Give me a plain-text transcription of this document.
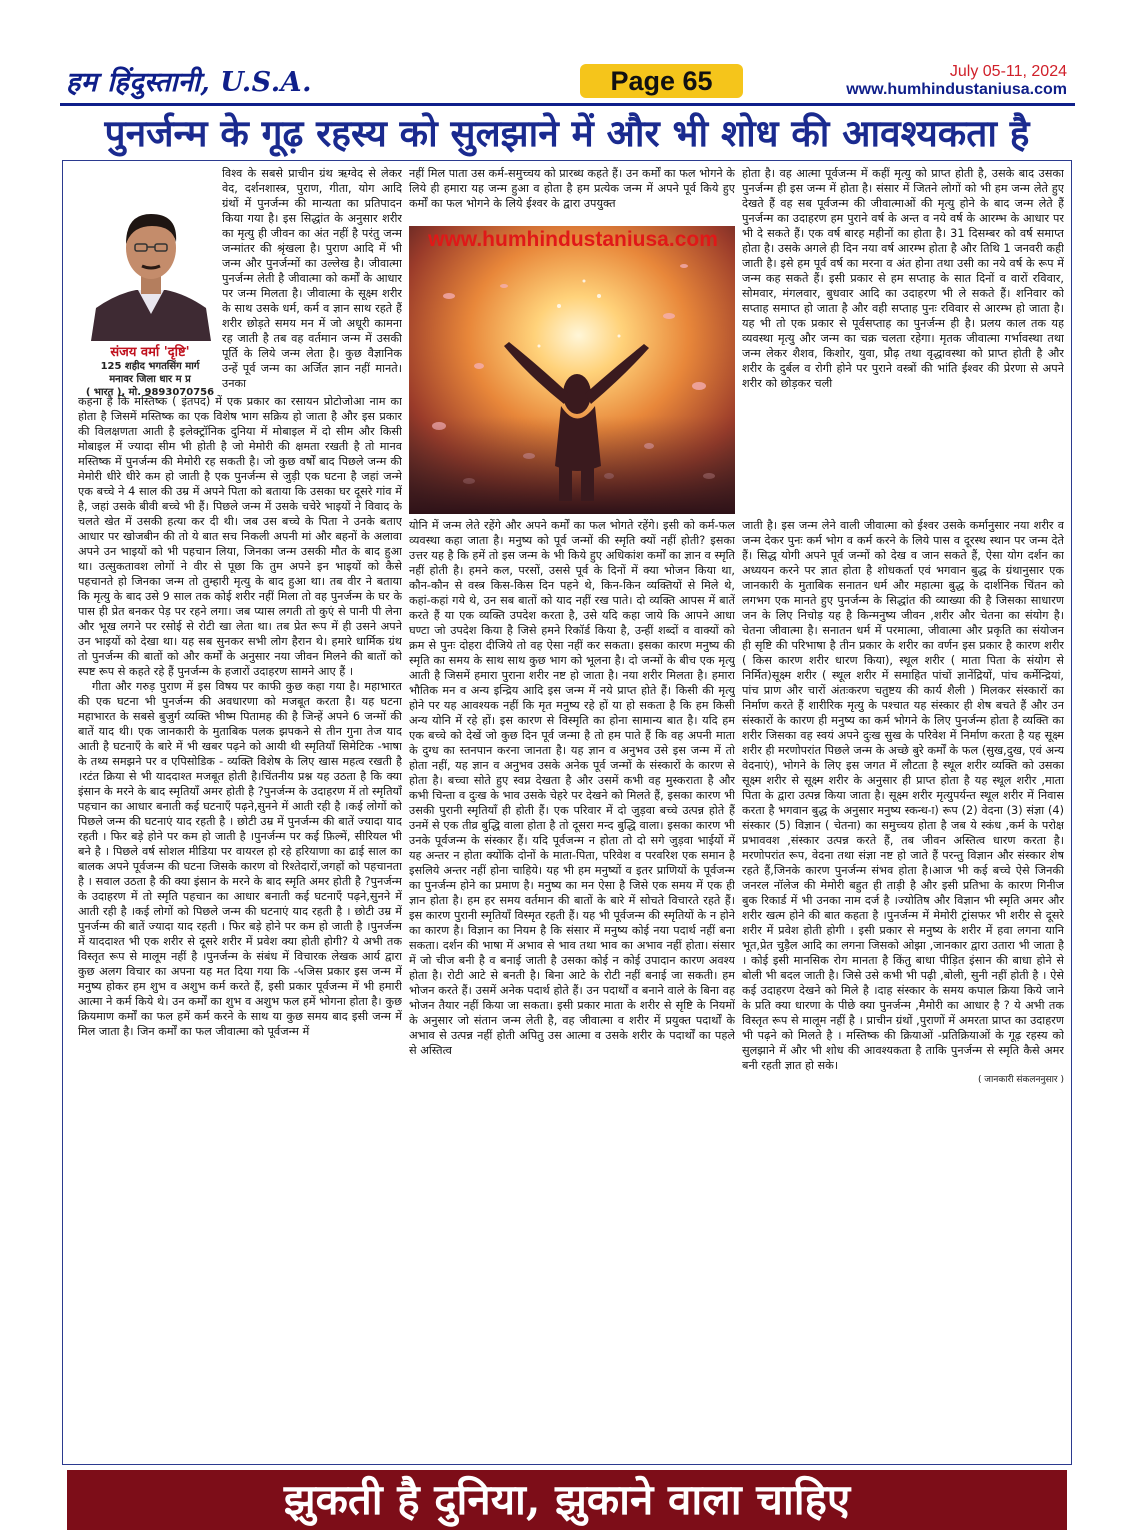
हम हिंदुस्तानी, U.S.A.	Page 65	July 05-11, 2024
www.humhindustaniusa.com
पुनर्जन्म के गूढ़ रहस्य को सुलझाने में और भी शोध की आवश्यकता है
संजय वर्मा 'दृष्टि'
125 शहीद भगतसिंग मार्ग
मनावर जिला धार म प्र
( भारत ), मो. 9893070756

विश्व के सबसे प्राचीन ग्रंथ ऋग्वेद से लेकर वेद, दर्शनशास्त्र, पुराण, गीता, योग आदि ग्रंथों में पुनर्जन्म की मान्यता का प्रतिपादन किया गया है। इस सिद्धांत के अनुसार शरीर का मृत्यु ही जीवन का अंत नहीं है परंतु जन्म जन्मांतर की श्रृंखला है। पुराण आदि में भी जन्म और पुनर्जन्मों का उल्लेख है। जीवात्मा पुनर्जन्म लेती है जीवात्मा को कर्मों के आधार पर जन्म मिलता है। जीवात्मा के सूक्ष्म शरीर के साथ उसके धर्म, कर्म व ज्ञान साथ रहते हैं शरीर छोड़ते समय मन में जो अधूरी कामना रह जाती है तब वह वर्तमान जन्म में उसकी पूर्ति के लिये जन्म लेता है। कुछ वैज्ञानिक उन्हें पूर्व जन्म का अर्जित ज्ञान नहीं मानते। उनका

कहना है कि मस्तिष्क ( इंतपद) में एक प्रकार का रसायन प्रोटोजोआ नाम का होता है जिसमें मस्तिष्क का एक विशेष भाग सक्रिय हो जाता है और इस प्रकार की विलक्षणता आती है इलेक्ट्रॉनिक दुनिया में मोबाइल में दो सीम और किसी मोबाइल में ज्यादा सीम भी होती है जो मेमोरी की क्षमता रखती है तो मानव मस्तिष्क में पुनर्जन्म की मेमोरी रह सकती है। जो कुछ वर्षों बाद पिछले जन्म की मेमोरी धीरे धीरे कम हो जाती है एक पुनर्जन्म से जुड़ी एक घटना है जहां जन्मे एक बच्चे ने 4 साल की उम्र में अपने पिता को बताया कि उसका घर दूसरे गांव में है, जहां उसके बीवी बच्चे भी हैं। पिछले जन्म में उसके चचेरे भाइयों ने विवाद के चलते खेत में उसकी हत्या कर दी थी। जब उस बच्चे के पिता ने उनके बताए आधार पर खोजबीन की तो ये बात सच निकली अपनी मां और बहनों के अलावा अपने उन भाइयों को भी पहचान लिया, जिनका जन्म उसकी मौत के बाद हुआ था। उत्सुकतावश लोगों ने वीर से पूछा कि तुम अपने इन भाइयों को कैसे पहचानते हो जिनका जन्म तो तुम्हारी मृत्यु के बाद हुआ था। तब वीर ने बताया कि मृत्यु के बाद उसे 9 साल तक कोई शरीर नहीं मिला तो वह पुनर्जन्म के घर के पास ही प्रेत बनकर पेड़ पर रहने लगा। जब प्यास लगती तो कुएं से पानी पी लेना और भूख लगने पर रसोई से रोटी खा लेता था। तब प्रेत रूप में ही उसने अपने उन भाइयों को देखा था। यह सब सुनकर सभी लोग हैरान थे। हमारे धार्मिक ग्रंथ तो पुनर्जन्म की बातों को और कर्मों के अनुसार नया जीवन मिलने की बातों को स्पष्ट रूप से कहते रहे हैं पुनर्जन्म के हजारों उदाहरण सामने आए हैं ।

गीता और गरुड़ पुराण में इस विषय पर काफी कुछ कहा गया है। महाभारत की एक घटना भी पुनर्जन्म की अवधारणा को मजबूत करता है। यह घटना महाभारत के सबसे बुजुर्ग व्यक्ति भीष्म पितामह की है जिन्हें अपने 6 जन्मों की बातें याद थी। एक जानकारी के मुताबिक पलक झपकने से तीन गुना तेज याद आती है घटनाएँ के बारे में भी खबर पढ़ने को आयी थी स्मृतियाँ सिमेटिक -भाषा के तथ्य समझने पर व एपिसोडिक - व्यक्ति विशेष के लिए खास महत्व रखती है ।रटंत क्रिया से भी याददाश्त मजबूत होती है।चिंतनीय प्रश्न यह उठता है कि क्या इंसान के मरने के बाद स्मृतियाँ अमर होती है ?पुनर्जन्म के उदाहरण में तो स्मृतियाँ पहचान का आधार बनाती कई घटनाएँ पढ़ने,सुनने में आती रही है ।कई लोगों को पिछले जन्म की घटनाएं याद रहती है । छोटी उम्र में पुनर्जन्म की बातें ज्यादा याद रहती । फिर बड़े होने पर कम हो जाती है ।पुनर्जन्म पर कई फ़िल्में, सीरियल भी बने है । पिछले वर्ष सोशल मीडिया पर वायरल हो रहे हरियाणा का ढाई साल का बालक अपने पूर्वजन्म की घटना जिसके कारण वो रिश्तेदारों,जगहों को पहचानता है । सवाल उठता है की क्या इंसान के मरने के बाद स्मृति अमर होती है ?पुनर्जन्म के उदाहरण में तो स्मृति पहचान का आधार बनाती कई घटनाएँ पढ़ने,सुनने में आती रही है ।कई लोगों को पिछले जन्म की घटनाएं याद रहती है । छोटी उम्र में पुनर्जन्म की बातें ज्यादा याद रहती । फिर बड़े होने पर कम हो जाती है ।पुनर्जन्म में याददाश्त भी एक शरीर से दूसरे शरीर में प्रवेश क्या होती होगी? ये अभी तक विस्तृत रूप से मालूम नहीं है ।पुनर्जन्म के संबंध में विचारक लेखक आर्य द्वारा कुछ अलग विचार का अपना यह मत दिया गया कि -५जिस प्रकार इस जन्म में मनुष्य होकर हम शुभ व अशुभ कर्म करते हैं, इसी प्रकार पूर्वजन्म में भी हमारी आत्मा ने कर्म किये थे। उन कर्मों का शुभ व अशुभ फल हमें भोगना होता है। कुछ क्रियमाण कर्मों का फल हमें कर्म करने के साथ या कुछ समय बाद इसी जन्म में मिल जाता है। जिन कर्मों का फल जीवात्मा को पूर्वजन्म में

नहीं मिल पाता उस कर्म-समुच्चय को प्रारब्ध कहते हैं। उन कर्मों का फल भोगने के लिये ही हमारा यह जन्म हुआ व होता है हम प्रत्येक जन्म में अपने पूर्व किये हुए कर्मों का फल भोगने के लिये ईश्वर के द्वारा उपयुक्त

www.humhindustaniusa.com

योनि में जन्म लेते रहेंगे और अपने कर्मों का फल भोगते रहेंगे। इसी को कर्म-फल व्यवस्था कहा जाता है। मनुष्य को पूर्व जन्मों की स्मृति क्यों नहीं होती? इसका उत्तर यह है कि हमें तो इस जन्म के भी किये हुए अधिकांश कर्मों का ज्ञान व स्मृति नहीं होती है। हमने कल, परसों, उससे पूर्व के दिनों में क्या भोजन किया था, कौन-कौन से वस्त्र किस-किस दिन पहने थे, किन-किन व्यक्तियों से मिले थे, कहां-कहां गये थे, उन सब बातों को याद नहीं रख पाते। दो व्यक्ति आपस में बातें करते हैं या एक व्यक्ति उपदेश करता है, उसे यदि कहा जाये कि आपने आधा घण्टा जो उपदेश किया है जिसे हमने रिकॉर्ड किया है, उन्हीं शब्दों व वाक्यों को क्रम से पुनः दोहरा दीजिये तो वह ऐसा नहीं कर सकता। इसका कारण मनुष्य की स्मृति का समय के साथ साथ कुछ भाग को भूलना है। दो जन्मों के बीच एक मृत्यु आती है जिसमें हमारा पुराना शरीर नष्ट हो जाता है। नया शरीर मिलता है। हमारा भौतिक मन व अन्य इन्द्रिय आदि इस जन्म में नये प्राप्त होते हैं। किसी की मृत्यु होने पर यह आवश्यक नहीं कि मृत मनुष्य रहे हों या हो सकता है कि हम किसी अन्य योनि में रहे हों। इस कारण से विस्मृति का होना सामान्य बात है। यदि हम एक बच्चे को देखें जो कुछ दिन पूर्व जन्मा है तो हम पाते हैं कि वह अपनी माता के दुग्ध का स्तनपान करना जानता है। यह ज्ञान व अनुभव उसे इस जन्म में तो होता नहीं, यह ज्ञान व अनुभव उसके अनेक पूर्व जन्मों के संस्कारों के कारण से होता है। बच्चा सोते हुए स्वप्न देखता है और उसमें कभी वह मुस्कराता है और कभी चिन्ता व दुःख के भाव उसके चेहरे पर देखने को मिलते हैं, इसका कारण भी उसकी पुरानी स्मृतियाँ ही होती हैं। एक परिवार में दो जुड़वा बच्चे उत्पन्न होते हैं उनमें से एक तीव्र बुद्धि वाला होता है तो दूसरा मन्द बुद्धि वाला। इसका कारण भी उनके पूर्वजन्म के संस्कार हैं। यदि पूर्वजन्म न होता तो दो सगे जुड़वा भाईयों में यह अन्तर न होता क्योंकि दोनों के माता-पिता, परिवेश व परवरिश एक समान है इसलिये अन्तर नहीं होना चाहिये। यह भी हम मनुष्यों व इतर प्राणियों के पूर्वजन्म का पुनर्जन्म होने का प्रमाण है। मनुष्य का मन ऐसा है जिसे एक समय में एक ही ज्ञान होता है। हम हर समय वर्तमान की बातों के बारे में सोचते विचारते रहते हैं। इस कारण पुरानी स्मृतियाँ विस्मृत रहती हैं। यह भी पूर्वजन्म की स्मृतियों के न होने का कारण है। विज्ञान का नियम है कि संसार में मनुष्य कोई नया पदार्थ नहीं बना सकता। दर्शन की भाषा में अभाव से भाव तथा भाव का अभाव नहीं होता। संसार में जो चीज बनी है व बनाई जाती है उसका कोई न कोई उपादान कारण अवश्य होता है। रोटी आटे से बनती है। बिना आटे के रोटी नहीं बनाई जा सकती। हम भोजन करते हैं। उसमें अनेक पदार्थ होते हैं। उन पदार्थों व बनाने वाले के बिना वह भोजन तैयार नहीं किया जा सकता। इसी प्रकार माता के शरीर से सृष्टि के नियमों के अनुसार जो संतान जन्म लेती है, वह जीवात्मा व शरीर में प्रयुक्त पदार्थों के अभाव से उत्पन्न नहीं होती अपितु उस आत्मा व उसके शरीर के पदार्थों का पहले से अस्तित्व

होता है। वह आत्मा पूर्वजन्म में कहीं मृत्यु को प्राप्त होती है, उसके बाद उसका पुनर्जन्म ही इस जन्म में होता है। संसार में जितने लोगों को भी हम जन्म लेते हुए देखते हैं वह सब पूर्वजन्म की जीवात्माओं की मृत्यु होने के बाद जन्म लेते हैं पुनर्जन्म का उदाहरण हम पुराने वर्ष के अन्त व नये वर्ष के आरम्भ के आधार पर भी दे सकते हैं। एक वर्ष बारह महीनों का होता है। 31 दिसम्बर को वर्ष समाप्त होता है। उसके अगले ही दिन नया वर्ष आरम्भ होता है और तिथि 1 जनवरी कही जाती है। इसे हम पूर्व वर्ष का मरना व अंत होना तथा उसी का नये वर्ष के रूप में जन्म कह सकते हैं। इसी प्रकार से हम सप्ताह के सात दिनों व वारों रविवार, सोमवार, मंगलवार, बुधवार आदि का उदाहरण भी ले सकते हैं। शनिवार को सप्ताह समाप्त हो जाता है और वही सप्ताह पुनः रविवार से आरम्भ हो जाता है। यह भी तो एक प्रकार से पूर्वसप्ताह का पुनर्जन्म ही है। प्रलय काल तक यह व्यवस्था मृत्यु और जन्म का चक्र चलता रहेगा। मृतक जीवात्मा गर्भावस्था तथा जन्म लेकर शैशव, किशोर, युवा, प्रौढ़ तथा वृद्धावस्था को प्राप्त होती है और शरीर के दुर्बल व रोगी होने पर पुराने वस्त्रों की भांति ईश्वर की प्रेरणा से अपने शरीर को छोड़कर चली

जाती है। इस जन्म लेने वाली जीवात्मा को ईश्वर उसके कर्मानुसार नया शरीर व जन्म देकर पुनः कर्म भोग व कर्म करने के लिये पास व दूरस्थ स्थान पर जन्म देते हैं। सिद्ध योगी अपने पूर्व जन्मों को देख व जान सकते हैं, ऐसा योग दर्शन का अध्ययन करने पर ज्ञात होता है शोधकर्ता एवं भगवान बुद्ध के ग्रंथानुसार एक जानकारी के मुताबिक सनातन धर्म और महात्मा बुद्ध के दार्शनिक चिंतन को लगभग एक मानते हुए पुनर्जन्म के सिद्धांत की व्याख्या की है जिसका साधारण जन के लिए निचोड़ यह है किन्मनुष्य जीवन ,शरीर और चेतना का संयोग है। चेतना जीवात्मा है। सनातन धर्म में परमात्मा, जीवात्मा और प्रकृति का संयोजन ही सृष्टि की परिभाषा है तीन प्रकार के शरीर का वर्णन इस प्रकार है कारण शरीर ( किस कारण शरीर धारण किया), स्थूल शरीर ( माता पिता के संयोग से निर्मित)सूक्ष्म शरीर ( स्थूल शरीर में समाहित पांचों ज्ञानेंद्रियों, पांच कर्मेन्द्रियां, पांच प्राण और चारों अंतःकरण चतुष्टय की कार्य शैली ) मिलकर संस्कारों का निर्माण करते हैं शारीरिक मृत्यु के पश्चात यह संस्कार ही शेष बचते हैं और उन संस्कारों के कारण ही मनुष्य का कर्म भोगने के लिए पुनर्जन्म होता है व्यक्ति का शरीर जिसका वह स्वयं अपने दुःख सुख के परिवेश में निर्माण करता है यह सूक्ष्म शरीर ही मरणोपरांत पिछले जन्म के अच्छे बुरे कर्मों के फल (सुख,दुख, एवं अन्य वेदनाएं), भोगने के लिए इस जगत में लौटता है स्थूल शरीर व्यक्ति को उसका सूक्ष्म शरीर से सूक्ष्म शरीर के अनुसार ही प्राप्त होता है यह स्थूल शरीर ,माता पिता के द्वारा उत्पन्न किया जाता है। सूक्ष्म शरीर मृत्युपर्यन्त स्थूल शरीर में निवास करता है भगवान बुद्ध के अनुसार मनुष्य स्कन्ध-ा) रूप (2) वेदना (3) संज्ञा (4) संस्कार (5) विज्ञान ( चेतना) का समुच्चय होता है जब ये स्कंध ,कर्म के परोक्ष प्रभाववश ,संस्कार उत्पन्न करते हैं, तब जीवन अस्तित्व धारण करता है। मरणोपरांत रूप, वेदना तथा संज्ञा नष्ट हो जाते हैं परन्तु विज्ञान और संस्कार शेष रहते हैं,जिनके कारण पुनर्जन्म संभव होता है।आज भी कई बच्चे ऐसे जिनकी जनरल नॉलेज की मेमोरी बहुत ही ताड़ी है और इसी प्रतिभा के कारण गिनीज बुक रिकार्ड में भी उनका नाम दर्ज है ।ज्योतिष और विज्ञान भी स्मृति अमर और शरीर खत्म होने की बात कहता है ।पुनर्जन्म में मेमोरी ट्रांसफर भी शरीर से दूसरे शरीर में प्रवेश होती होगी । इसी प्रकार से मनुष्य के शरीर में हवा लगना यानि भूत,प्रेत चुड़ैल आदि का लगना जिसको ओझा ,जानकार द्वारा उतारा भी जाता है । कोई इसी मानसिक रोग मानता है किंतु बाधा पीड़ित इंसान की बाधा होने से बोली भी बदल जाती है। जिसे उसे कभी भी पढ़ी ,बोली, सुनी नहीं होती है । ऐसे कई उदाहरण देखने को मिले है ।दाह संस्कार के समय कपाल क्रिया किये जाने के प्रति क्या धारणा के पीछे क्या पुनर्जन्म ,मैमोरी का आधार है ? ये अभी तक विस्तृत रूप से मालूम नहीं है । प्राचीन ग्रंथों ,पुराणों में अमरता प्राप्त का उदाहरण भी पढ़ने को मिलते है । मस्तिष्क की क्रियाओं -प्रतिक्रियाओं के गूढ़ रहस्य को सुलझाने में और भी शोध की आवश्यकता है ताकि पुनर्जन्म से स्मृति कैसे अमर बनी रहती ज्ञात हो सके।

( जानकारी संकलननुसार )

झुकती है दुनिया, झुकाने वाला चाहिए
